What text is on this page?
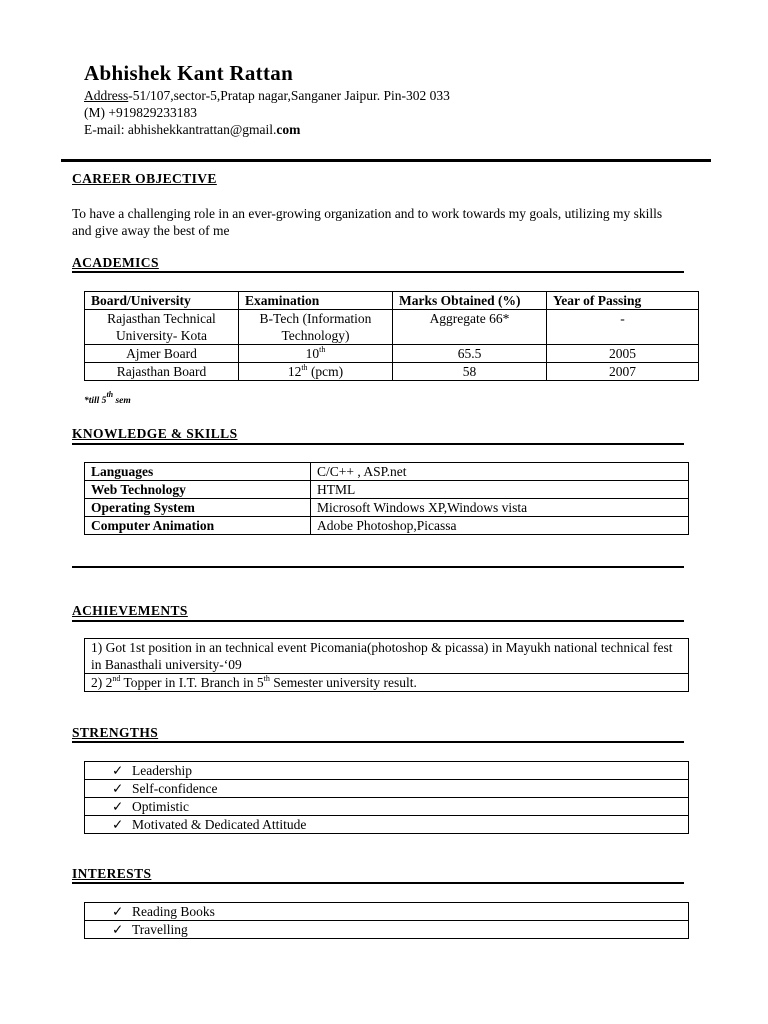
Abhishek Kant Rattan
Address-51/107,sector-5,Pratap nagar,Sanganer Jaipur. Pin-302 033
(M) +919829233183
E-mail: abhishekkantrattan@gmail.com
CAREER OBJECTIVE
To have a challenging role in an ever-growing organization and to work towards my goals, utilizing my skills and give away the best of me
ACADEMICS
Board/University	Examination	Marks Obtained (%)	Year of Passing
Rajasthan Technical University- Kota	B-Tech (Information Technology)	Aggregate 66*	-
Ajmer Board	10th	65.5	2005
Rajasthan Board	12th (pcm)	58	2007
*till 5th sem
KNOWLEDGE & SKILLS
Languages	C/C++ , ASP.net
Web Technology	HTML
Operating System	Microsoft Windows XP,Windows vista
Computer Animation	Adobe Photoshop,Picassa
ACHIEVEMENTS
1) Got 1st position in an technical event Picomania(photoshop & picassa) in Mayukh national technical fest in Banasthali university-‘09
2) 2nd Topper in I.T. Branch in 5th Semester university result.
STRENGTHS
✓ Leadership
✓ Self-confidence
✓ Optimistic
✓ Motivated & Dedicated Attitude
INTERESTS
✓ Reading Books
✓ Travelling
